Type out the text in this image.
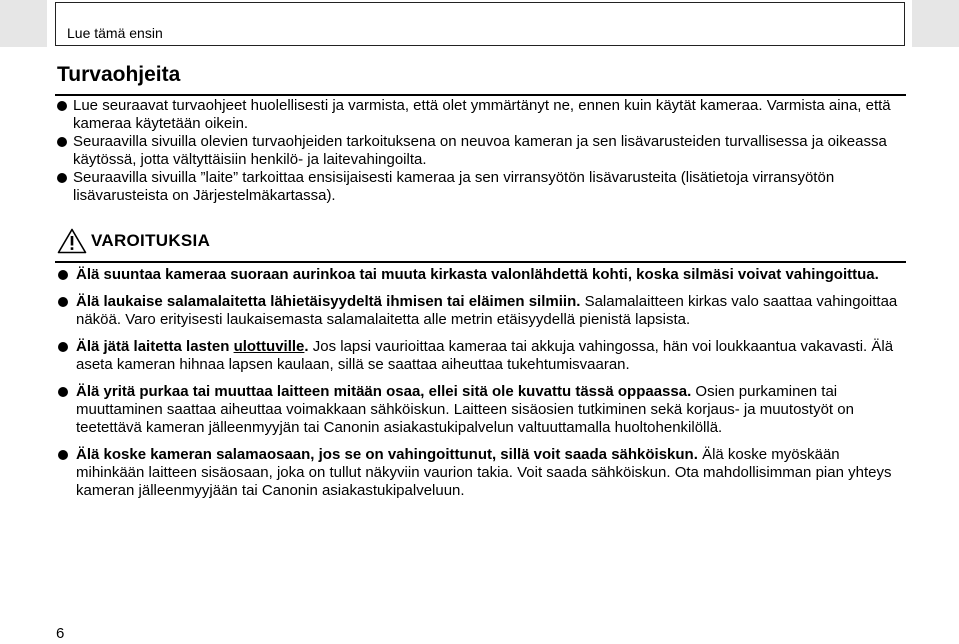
Lue tämä ensin
Turvaohjeita

Lue seuraavat turvaohjeet huolellisesti ja varmista, että olet ymmärtänyt ne, ennen kuin käytät kameraa. Varmista aina, että kameraa käytetään oikein.

Seuraavilla sivuilla olevien turvaohjeiden tarkoituksena on neuvoa kameran ja sen lisävarusteiden turvallisessa ja oikeassa käytössä, jotta vältyttäisiin henkilö- ja laitevahingoilta.

Seuraavilla sivuilla ”laite” tarkoittaa ensisijaisesti kameraa ja sen virransyötön lisävarusteita (lisätietoja virransyötön lisävarusteista on Järjestelmäkartassa).

VAROITUKSIA

Älä suuntaa kameraa suoraan aurinkoa tai muuta kirkasta valonlähdettä kohti, koska silmäsi voivat vahingoittua.

Älä laukaise salamalaitetta lähietäisyydeltä ihmisen tai eläimen silmiin. Salamalaitteen kirkas valo saattaa vahingoittaa näköä. Varo erityisesti laukaisemasta salamalaitetta alle metrin etäisyydellä pienistä lapsista.

Älä jätä laitetta lasten ulottuville. Jos lapsi vaurioittaa kameraa tai akkuja vahingossa, hän voi loukkaantua vakavasti. Älä aseta kameran hihnaa lapsen kaulaan, sillä se saattaa aiheuttaa tukehtumisvaaran.

Älä yritä purkaa tai muuttaa laitteen mitään osaa, ellei sitä ole kuvattu tässä oppaassa. Osien purkaminen tai muuttaminen saattaa aiheuttaa voimakkaan sähköiskun. Laitteen sisäosien tutkiminen sekä korjaus- ja muutostyöt on teetettävä kameran jälleenmyyjän tai Canonin asiakastukipalvelun valtuuttamalla huoltohenkilöllä.

Älä koske kameran salamaosaan, jos se on vahingoittunut, sillä voit saada sähköiskun. Älä koske myöskään mihinkään laitteen sisäosaan, joka on tullut näkyviin vaurion takia. Voit saada sähköiskun. Ota mahdollisimman pian yhteys kameran jälleenmyyjään tai Canonin asiakastukipalveluun.

6
